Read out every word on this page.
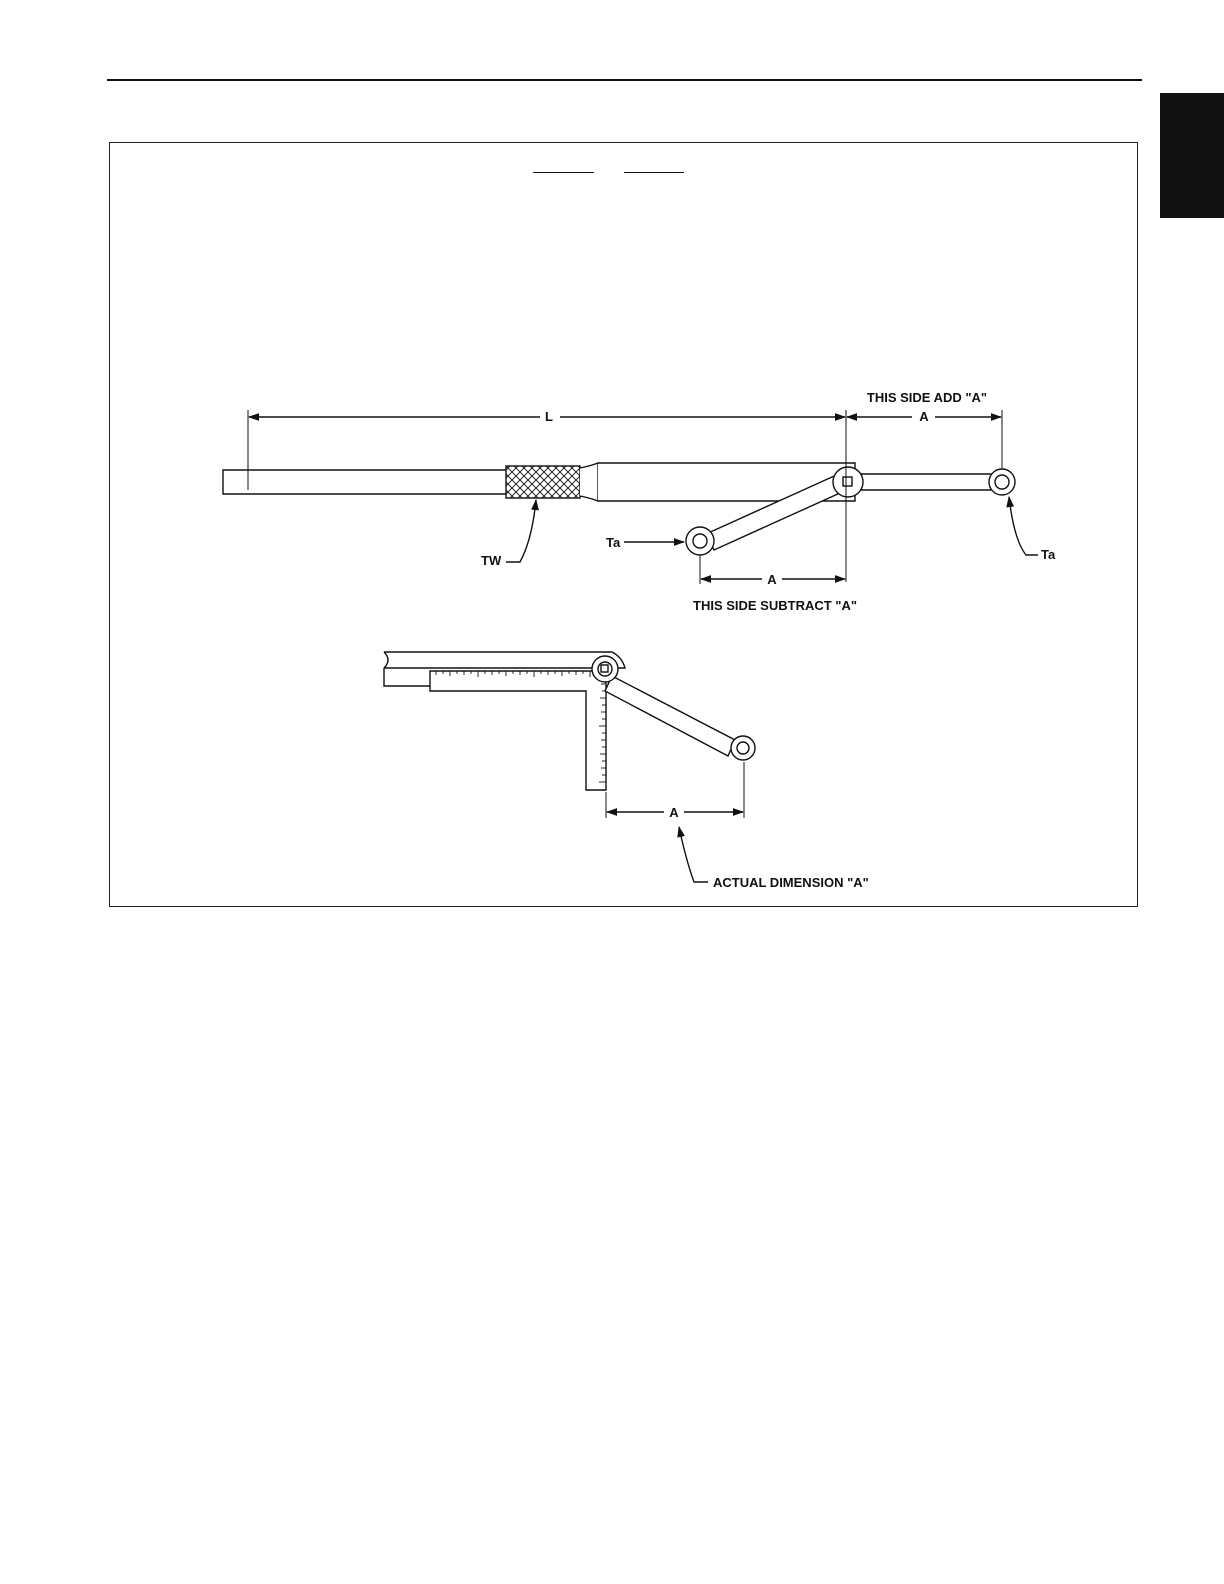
L
THIS SIDE ADD "A"
A
A
THIS SIDE SUBTRACT "A"
Ta
Ta
TW
A
ACTUAL DIMENSION "A"
